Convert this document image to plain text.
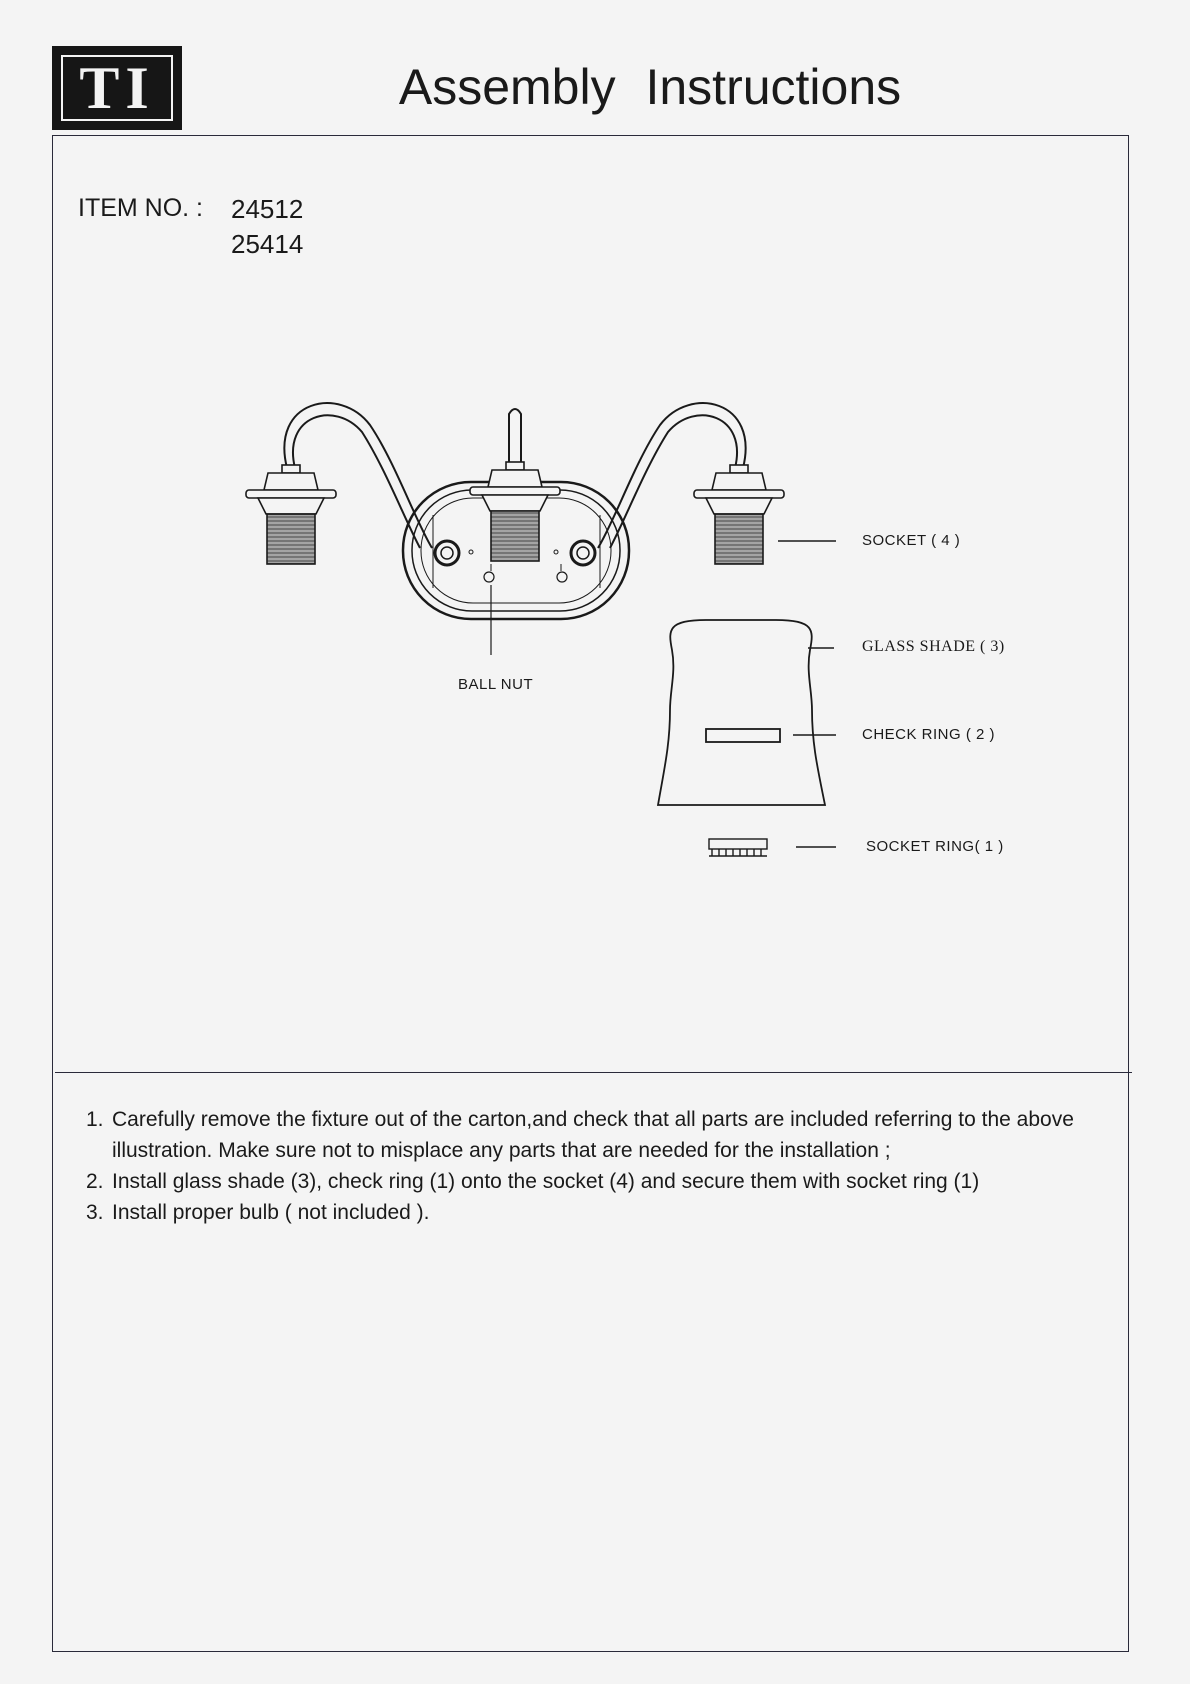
TI	Assembly Instructions
ITEM NO. : 24512
25414
SOCKET ( 4 )
GLASS SHADE ( 3)
CHECK RING ( 2 )
SOCKET RING( 1 )
BALL NUT
1. Carefully remove the fixture out of the carton,and check that all parts are included referring to the above illustration. Make sure not to misplace any parts that are needed for the installation ;
2. Install glass shade (3), check ring (1) onto the socket (4) and secure them with socket ring (1)
3. Install proper bulb ( not included ).
